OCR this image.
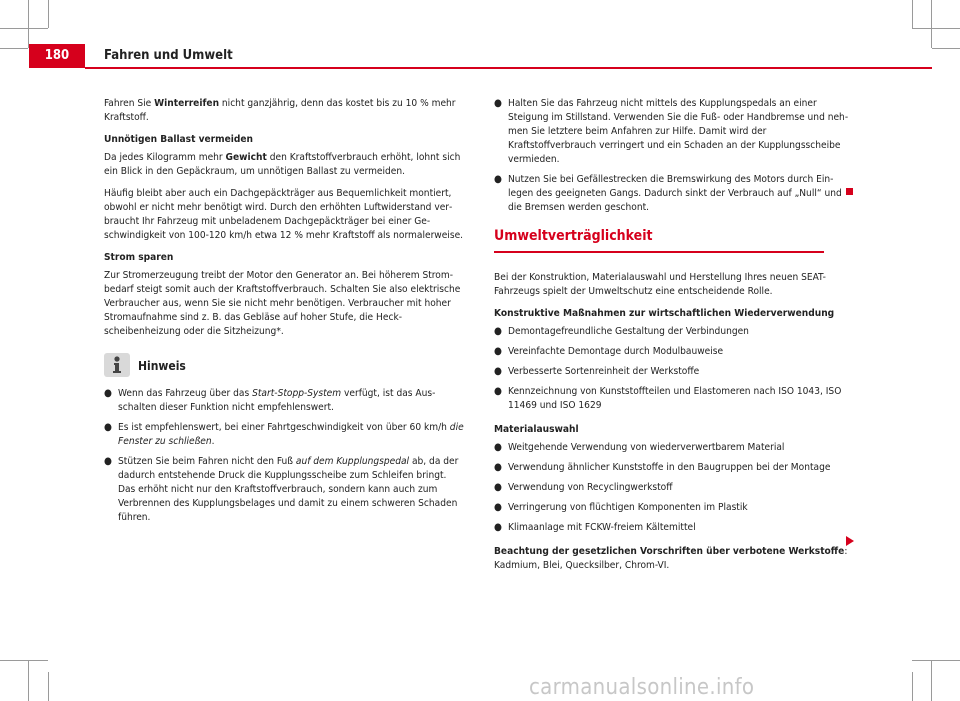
180	Fahren und Umwelt

Fahren Sie Winterreifen nicht ganzjährig, denn das kostet bis zu 10 % mehr Kraftstoff.

Unnötigen Ballast vermeiden

Da jedes Kilogramm mehr Gewicht den Kraftstoffverbrauch erhöht, lohnt sich ein Blick in den Gepäckraum, um unnötigen Ballast zu vermeiden.

Häufig bleibt aber auch ein Dachgepäckträger aus Bequemlichkeit montiert, obwohl er nicht mehr benötigt wird. Durch den erhöhten Luftwiderstand verbraucht Ihr Fahrzeug mit unbeladenem Dachgepäckträger bei einer Geschwindigkeit von 100-120 km/h etwa 12 % mehr Kraftstoff als normalerweise.

Strom sparen

Zur Stromerzeugung treibt der Motor den Generator an. Bei höherem Strombedarf steigt somit auch der Kraftstoffverbrauch. Schalten Sie also elektrische Verbraucher aus, wenn Sie sie nicht mehr benötigen. Verbraucher mit hoher Stromaufnahme sind z. B. das Gebläse auf hoher Stufe, die Heckscheibenheizung oder die Sitzheizung*.

Hinweis
● Wenn das Fahrzeug über das Start-Stopp-System verfügt, ist das Ausschalten dieser Funktion nicht empfehlenswert.
● Es ist empfehlenswert, bei einer Fahrtgeschwindigkeit von über 60 km/h die Fenster zu schließen.
● Stützen Sie beim Fahren nicht den Fuß auf dem Kupplungspedal ab, da der dadurch entstehende Druck die Kupplungsscheibe zum Schleifen bringt. Das erhöht nicht nur den Kraftstoffverbrauch, sondern kann auch zum Verbrennen des Kupplungsbelages und damit zu einem schweren Schaden führen.
● Halten Sie das Fahrzeug nicht mittels des Kupplungspedals an einer Steigung im Stillstand. Verwenden Sie die Fuß- oder Handbremse und nehmen Sie letztere beim Anfahren zur Hilfe. Damit wird der Kraftstoffverbrauch verringert und ein Schaden an der Kupplungsscheibe vermieden.
● Nutzen Sie bei Gefällestrecken die Bremswirkung des Motors durch Einlegen des geeigneten Gangs. Dadurch sinkt der Verbrauch auf „Null“ und die Bremsen werden geschont.
Umweltverträglichkeit

Bei der Konstruktion, Materialauswahl und Herstellung Ihres neuen SEAT-Fahrzeugs spielt der Umweltschutz eine entscheidende Rolle.

Konstruktive Maßnahmen zur wirtschaftlichen Wiederverwendung
● Demontagefreundliche Gestaltung der Verbindungen
● Vereinfachte Demontage durch Modulbauweise
● Verbesserte Sortenreinheit der Werkstoffe
● Kennzeichnung von Kunststoffteilen und Elastomeren nach ISO 1043, ISO 11469 und ISO 1629
Materialauswahl
● Weitgehende Verwendung von wiederverwertbarem Material
● Verwendung ähnlicher Kunststoffe in den Baugruppen bei der Montage
● Verwendung von Recyclingwerkstoff
● Verringerung von flüchtigen Komponenten im Plastik
● Klimaanlage mit FCKW-freiem Kältemittel

Beachtung der gesetzlichen Vorschriften über verbotene Werkstoffe: Kadmium, Blei, Quecksilber, Chrom-VI.

carmanualsonline.info
